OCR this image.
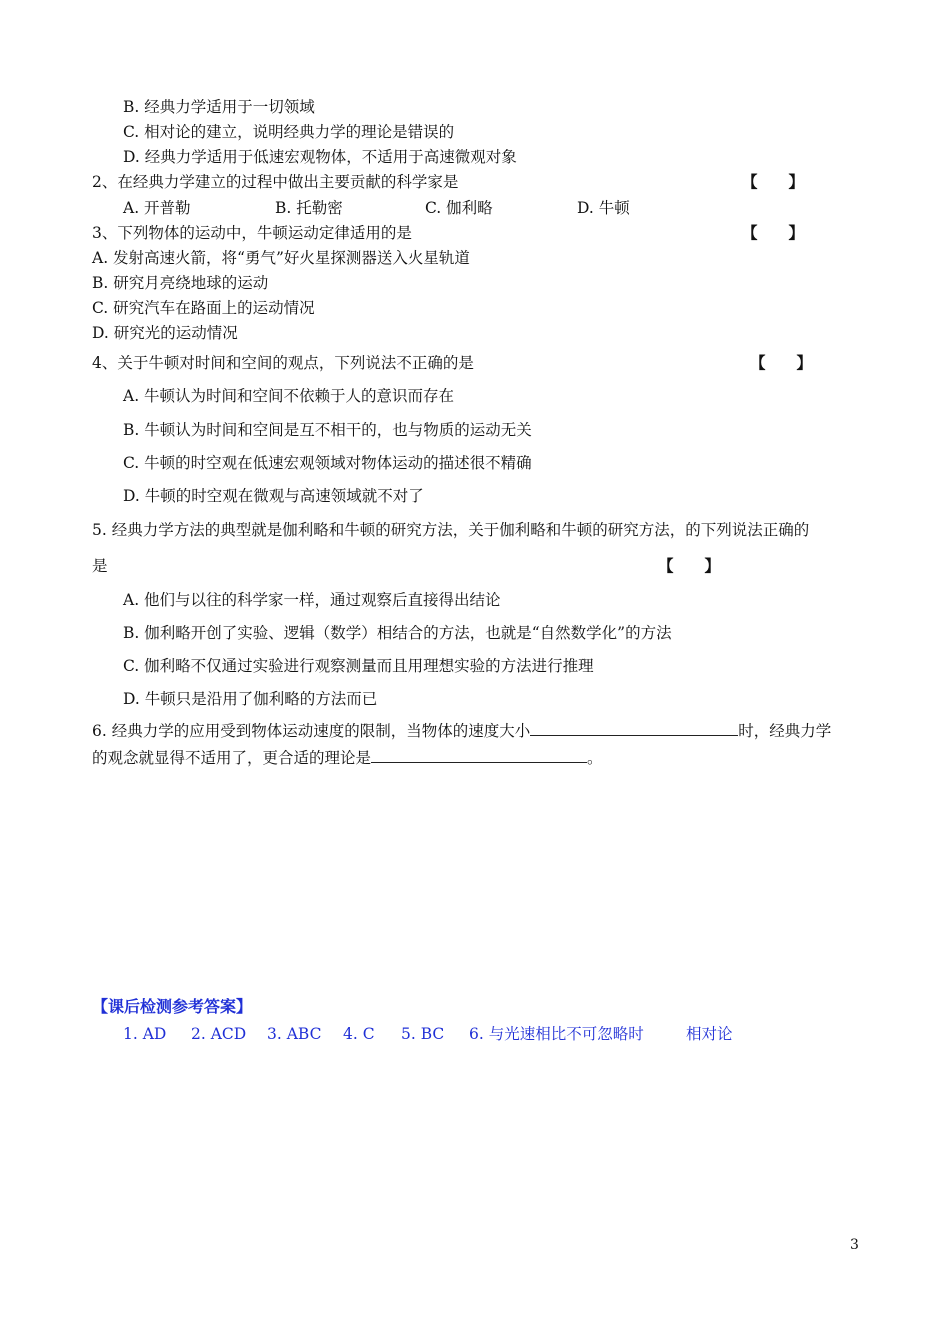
B. 经典力学适用于一切领域
C. 相对论的建立，说明经典力学的理论是错误的
D. 经典力学适用于低速宏观物体，不适用于高速微观对象
2、在经典力学建立的过程中做出主要贡献的科学家是	【　　】
A. 开普勒	B. 托勒密	C. 伽利略	D. 牛顿
3、下列物体的运动中，牛顿运动定律适用的是	【　　】
A. 发射高速火箭，将“勇气”好火星探测器送入火星轨道
B. 研究月亮绕地球的运动
C. 研究汽车在路面上的运动情况
D. 研究光的运动情况
4、关于牛顿对时间和空间的观点，下列说法不正确的是	【　　】
A. 牛顿认为时间和空间不依赖于人的意识而存在
B. 牛顿认为时间和空间是互不相干的，也与物质的运动无关
C. 牛顿的时空观在低速宏观领域对物体运动的描述很不精确
D. 牛顿的时空观在微观与高速领域就不对了
5. 经典力学方法的典型就是伽利略和牛顿的研究方法，关于伽利略和牛顿的研究方法，的下列说法正确的
是	【　　】
A. 他们与以往的科学家一样，通过观察后直接得出结论
B. 伽利略开创了实验、逻辑（数学）相结合的方法，也就是“自然数学化”的方法
C. 伽利略不仅通过实验进行观察测量而且用理想实验的方法进行推理
D. 牛顿只是沿用了伽利略的方法而已
6. 经典力学的应用受到物体运动速度的限制，当物体的速度大小	时，经典力学
的观念就显得不适用了，更合适的理论是	。
【课后检测参考答案】
1. AD 2. ACD 3. ABC 4. C 5. BC 6. 与光速相比不可忽略时	相对论
3
